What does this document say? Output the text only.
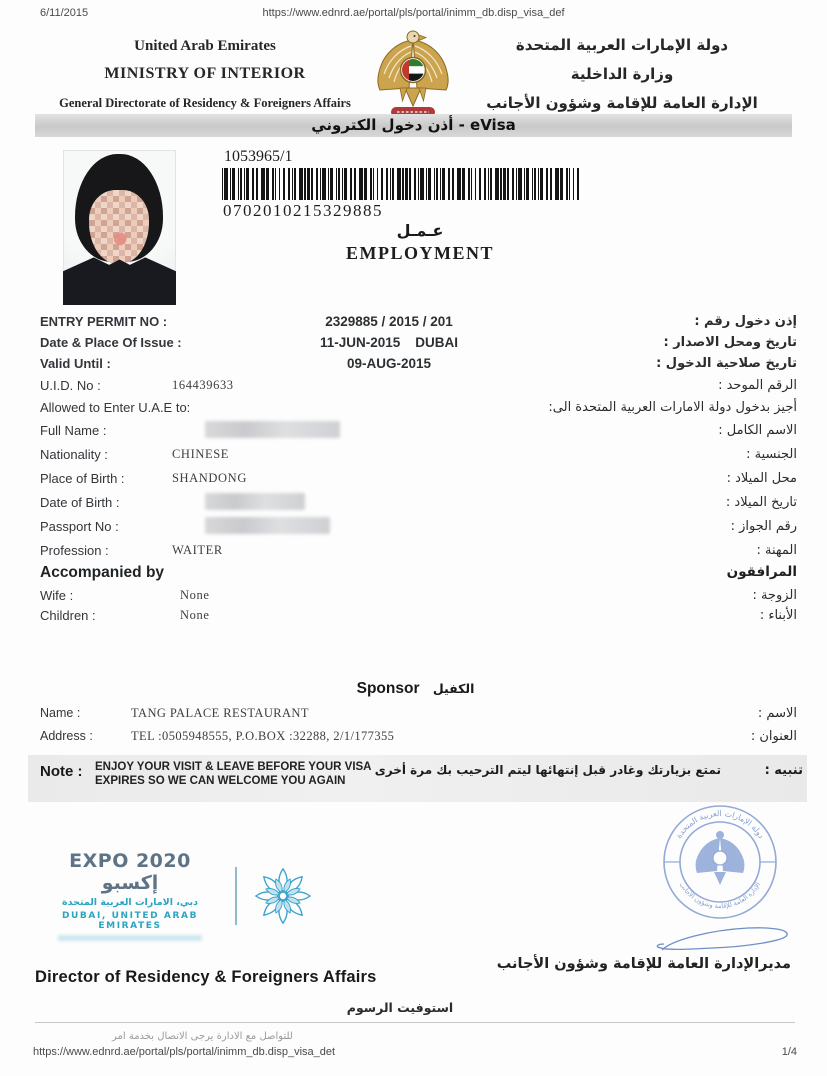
6/11/2015	https://www.ednrd.ae/portal/pls/portal/inimm_db.disp_visa_def
United Arab Emirates
MINISTRY OF INTERIOR
General Directorate of Residency & Foreigners Affairs
دولة الإمارات العربية المتحدة
وزارة الداخلية
الإدارة العامة للإقامة وشؤون الأجانب
أذن دخول الكتروني - eVisa
1053965/1
0702010215329885
عـمـل
EMPLOYMENT
ENTRY PERMIT NO :	2329885 / 2015 / 201	إذن دخول رقم :
Date & Place Of Issue :	11-JUN-2015    DUBAI	تاريخ ومحل الاصدار :
Valid Until :	09-AUG-2015	تاريخ صلاحية الدخول :
U.I.D. No :	164439633	الرقم الموحد :
Allowed to Enter U.A.E to:	أجيز بدخول دولة الامارات العربية المتحدة الى:
Full Name :	الاسم الكامل :
Nationality :	CHINESE	الجنسية :
Place of Birth :	SHANDONG	محل الميلاد :
Date of Birth :	تاريخ الميلاد :
Passport No :	رقم الجواز :
Profession :	WAITER	المهنة :
Accompanied by	المرافقون
Wife :	None	الزوجة :
Children :	None	الأبناء :
Sponsor الكفيل
Name :	TANG PALACE RESTAURANT	الاسم :
Address :	TEL :0505948555, P.O.BOX :32288, 2/1/177355	العنوان :
Note : ENJOY YOUR VISIT & LEAVE BEFORE YOUR VISA
EXPIRES SO WE CAN WELCOME YOU AGAIN
تمتع بزيارتك وغادر قبل إنتهائها ليتم الترحيب بك مرة أخرى	تنبيه :
EXPO 2020 إكسبو
دبي، الامارات العربية المتحدة
DUBAI, UNITED ARAB EMIRATES
دولة الإمارات العربية المتحدة
الإدارة العامة للإقامة وشؤون الأجانب
مديرالإدارة العامة للإقامة وشؤون الأجانب
Director of Residency & Foreigners Affairs
استوفيت الرسوم
للتواصل مع الادارة يرجى الاتصال بخدمة امر
https://www.ednrd.ae/portal/pls/portal/inimm_db.disp_visa_det	1/4
